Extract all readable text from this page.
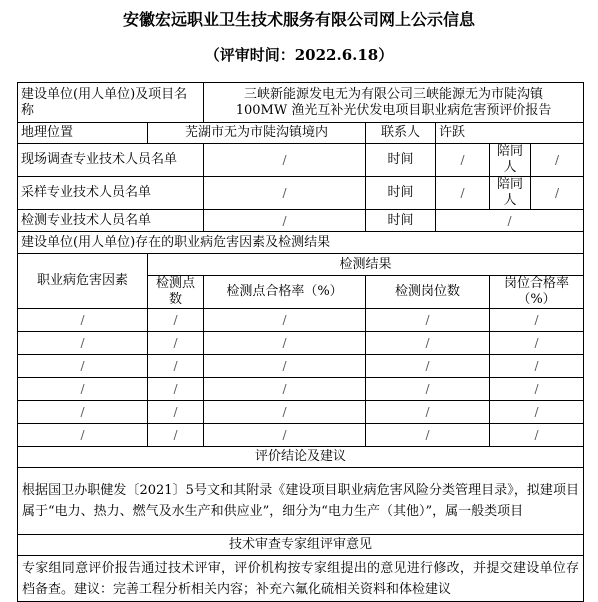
安徽宏远职业卫生技术服务有限公司网上公示信息
（评审时间：2022.6.18）
建设单位(用人单位)及项目名称		三峡新能源发电无为有限公司三峡能源无为市陡沟镇
100MW 渔光互补光伏发电项目职业病危害预评价报告				

地理位置	芜湖市无为市陡沟镇境内		联系人	许跃		
现场调查专业技术人员名单		/	时间	/	陪同人	/
采样专业技术人员名单		/	时间	/	陪同人	/
检测专业技术人员名单		/	时间	/		
建设单位(用人单位)存在的职业病危害因素及检测结果						
职业病危害因素	检测结果					
	检测点数	检测点合格率（%）	检测岗位数		岗位合格率（%）	
/	/	/	/		/	
/	/	/	/		/	
/	/	/	/		/	
/	/	/	/		/	
/	/	/	/		/	
/	/	/	/		/	
评价结论及建议						
根据国卫办职健发〔2021〕5号文和其附录《建设项目职业病危害风险分类管理目录》，拟建项目属于“电力、热力、燃气及水生产和供应业”，细分为“电力生产（其他）”，属一般类项目						
技术审查专家组评审意见						
专家组同意评价报告通过技术评审，评价机构按专家组提出的意见进行修改，并提交建设单位存档备查。建议：完善工程分析相关内容；补充六氟化硫相关资料和体检建议						
